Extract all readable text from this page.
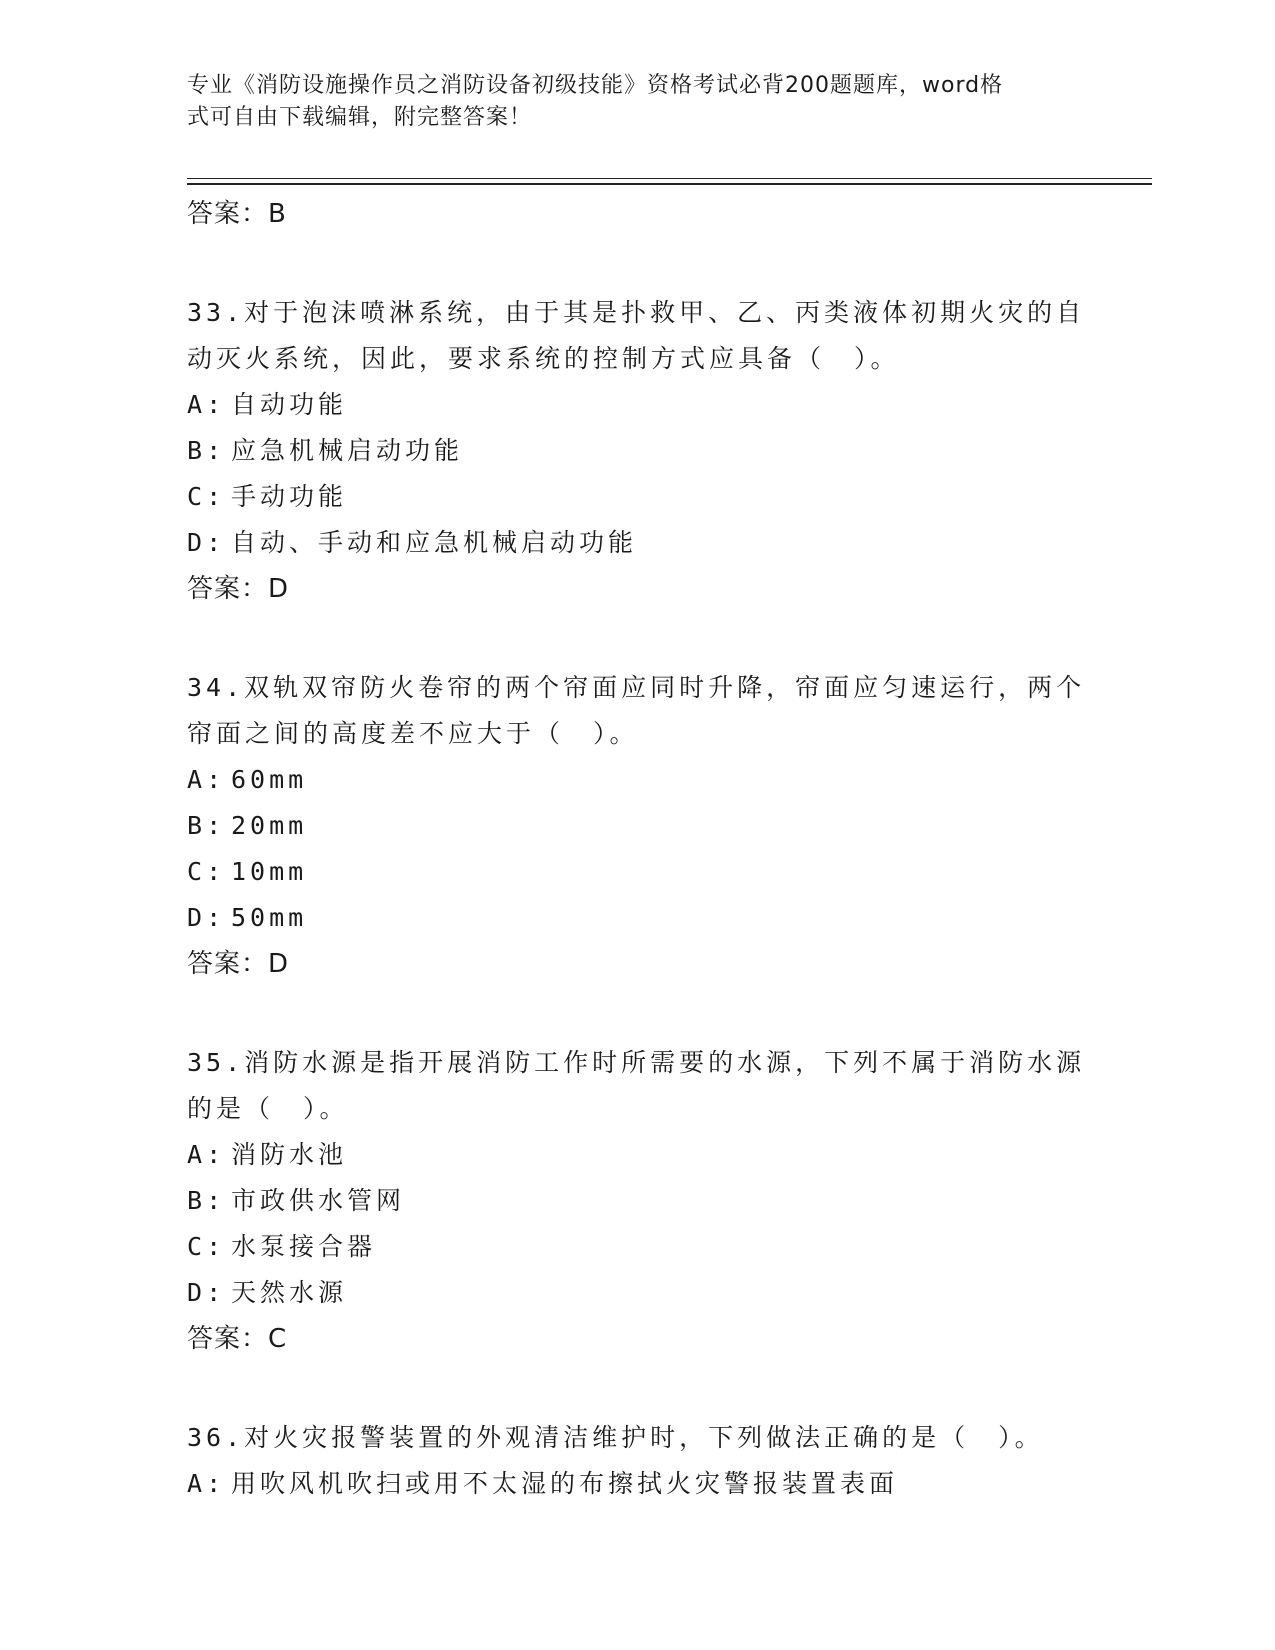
专业《消防设施操作员之消防设备初级技能》资格考试必背200题题库，word格
式可自由下载编辑，附完整答案！
答案：B

33.对于泡沫喷淋系统，由于其是扑救甲、乙、丙类液体初期火灾的自动灭火系统，因此，要求系统的控制方式应具备（　）。

A : 自动功能
B : 应急机械启动功能
C : 手动功能
D : 自动、手动和应急机械启动功能
答案：D

34.双轨双帘防火卷帘的两个帘面应同时升降，帘面应匀速运行，两个帘面之间的高度差不应大于（　）。

A : 60mm
B : 20mm
C : 10mm
D : 50mm
答案：D

35.消防水源是指开展消防工作时所需要的水源，下列不属于消防水源的是（　）。

A : 消防水池
B : 市政供水管网
C : 水泵接合器
D : 天然水源
答案：C

36.对火灾报警装置的外观清洁维护时，下列做法正确的是（　）。

A : 用吹风机吹扫或用不太湿的布擦拭火灾警报装置表面
